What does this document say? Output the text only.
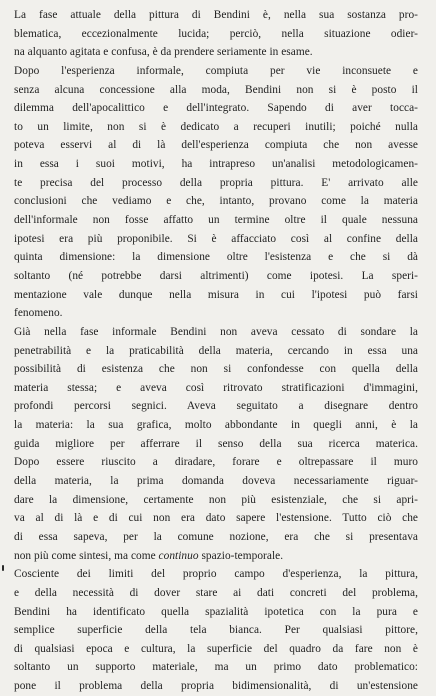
La fase attuale della pittura di Bendini è, nella sua sostanza pro-
blematica, eccezionalmente lucida; perciò, nella situazione odier-
na alquanto agitata e confusa, è da prendere seriamente in esame.
Dopo l'esperienza informale, compiuta per vie inconsuete e
senza alcuna concessione alla moda, Bendini non si è posto il
dilemma dell'apocalittico e dell'integrato. Sapendo di aver tocca-
to un limite, non si è dedicato a recuperi inutili; poiché nulla
poteva esservi al di là dell'esperienza compiuta che non avesse
in essa i suoi motivi, ha intrapreso un'analisi metodologicamen-
te precisa del processo della propria pittura. E' arrivato alle
conclusioni che vediamo e che, intanto, provano come la materia
dell'informale non fosse affatto un termine oltre il quale nessuna
ipotesi era più proponibile. Si è affacciato così al confine della
quinta dimensione: la dimensione oltre l'esistenza e che si dà
soltanto (né potrebbe darsi altrimenti) come ipotesi. La speri-
mentazione vale dunque nella misura in cui l'ipotesi può farsi
fenomeno.
Già nella fase informale Bendini non aveva cessato di sondare la
penetrabilità e la praticabilità della materia, cercando in essa una
possibilità di esistenza che non si confondesse con quella della
materia stessa; e aveva così ritrovato stratificazioni d'immagini,
profondi percorsi segnici. Aveva seguitato a disegnare dentro
la materia: la sua grafica, molto abbondante in quegli anni, è la
guida migliore per afferrare il senso della sua ricerca materica.
Dopo essere riuscito a diradare, forare e oltrepassare il muro
della materia, la prima domanda doveva necessariamente riguar-
dare la dimensione, certamente non più esistenziale, che si apri-
va al di là e di cui non era dato sapere l'estensione. Tutto ciò che
di essa sapeva, per la comune nozione, era che si presentava
non più come sintesi, ma come continuo spazio-temporale.
Cosciente dei limiti del proprio campo d'esperienza, la pittura,
e della necessità di dover stare ai dati concreti del problema,
Bendini ha identificato quella spazialità ipotetica con la pura e
semplice superficie della tela bianca. Per qualsiasi pittore,
di qualsiasi epoca e cultura, la superficie del quadro da fare non è
soltanto un supporto materiale, ma un primo dato problematico:
pone il problema della propria bidimensionalità, di un'estensione
